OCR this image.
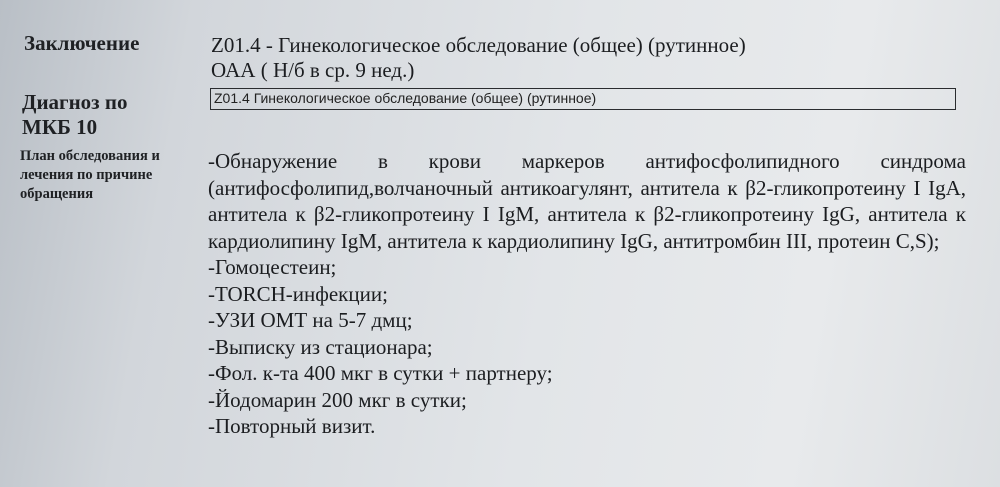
Заключение	Z01.4 - Гинекологическое обследование (общее) (рутинное)
ОАА ( Н/б в ср. 9 нед.)
Диагноз по
МКБ 10
Z01.4 Гинекологическое обследование (общее) (рутинное)
План обследования и
лечения по причине
обращения

-Обнаружение в крови маркеров антифосфолипидного синдрома (антифосфолипид,волчаночный антикоагулянт, антитела к β2-гликопротеину I IgA, антитела к β2-гликопротеину I IgM, антитела к β2-гликопротеину IgG, антитела к кардиолипину IgM, антитела к кардиолипину IgG, антитромбин III, протеин C,S);

-Гомоцестеин;

-TORCH-инфекции;

-УЗИ ОМТ на 5-7 дмц;

-Выписку из стационара;

-Фол. к-та 400 мкг в сутки + партнеру;

-Йодомарин 200 мкг в сутки;

-Повторный визит.
